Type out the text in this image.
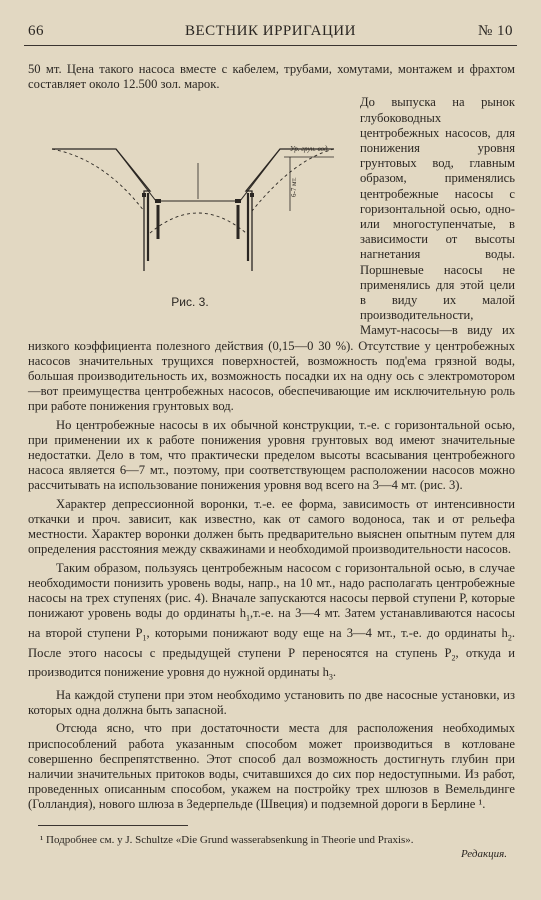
66	ВЕСТНИК ИРРИГАЦИИ	№ 10

50 мт. Цена такого насоса вместе с кабелем, трубами, хомутами, монтажем и фрахтом составляет около 12.500 зол. марок.

Ур. грун. вод.
6-7 мт.
Рис. 3.

До выпуска на рынок глубоководных центробежных насосов, для понижения уровня грунтовых вод, главным образом, применялись центробежные насосы с горизонтальной осью, одно-или многоступенчатые, в зависимости от высоты нагнетания воды. Поршневые насосы не применялись для этой цели в виду их малой производительности, Мамут-насосы—в виду их низкого коэффициента полезного действия (0,15—0 30 %). Отсутствие у центробежных насосов значительных трущихся поверхностей, возможность под'ема грязной воды, большая производительность их, возможность посадки их на одну ось с электромотором—вот преимущества центробежных насосов, обеспечивающие им исключительную роль при работе понижения грунтовых вод.

Но центробежные насосы в их обычной конструкции, т.-е. с горизонтальной осью, при применении их к работе понижения уровня грунтовых вод имеют значительные недостатки. Дело в том, что практически пределом высоты всасывания центробежного насоса является 6—7 мт., поэтому, при соответствующем расположении насосов можно рассчитывать на использование понижения уровня вод всего на 3—4 мт. (рис. 3).

Характер депрессионной воронки, т.-е. ее форма, зависимость от интенсивности откачки и проч. зависит, как известно, как от самого водоноса, так и от рельефа местности. Характер воронки должен быть предварительно выяснен опытным путем для определения расстояния между скважинами и необходимой производительности насосов.

Таким образом, пользуясь центробежным насосом с горизонтальной осью, в случае необходимости понизить уровень воды, напр., на 10 мт., надо располагать центробежные насосы на трех ступенях (рис. 4). Вначале запускаются насосы первой ступени Р, которые понижают уровень воды до ординаты $h_1,т.-е$. на 3—4 мт. Затем устанавливаются насосы на второй ступени $Р_1$, которыми понижают воду еще на 3—4 мт., т.-е. до ординаты $h_2$. После этого насосы с предыдущей ступени Р переносятся на ступень $Р_2$, откуда и производится понижение уровня до нужной ординаты $h_3$.

На каждой ступени при этом необходимо установить по две насосные установки, из которых одна должна быть запасной.

Отсюда ясно, что при достаточности места для расположения необходимых приспособлений работа указанным способом может производиться в котловане совершенно беспрепятственно. Этот способ дал возможность достигнуть глубин при наличии значительных притоков воды, считавшихся до сих пор недоступными. Из работ, проведенных описанным способом, укажем на постройку трех шлюзов в Вемельдинге (Голландия), нового шлюза в Зедерпельде (Швеция) и подземной дороги в Берлине ¹.

¹ Подробнее см. у J. Schultze «Die Grund wasserabsenkung in Theorie und Praxis».
Редакция.
